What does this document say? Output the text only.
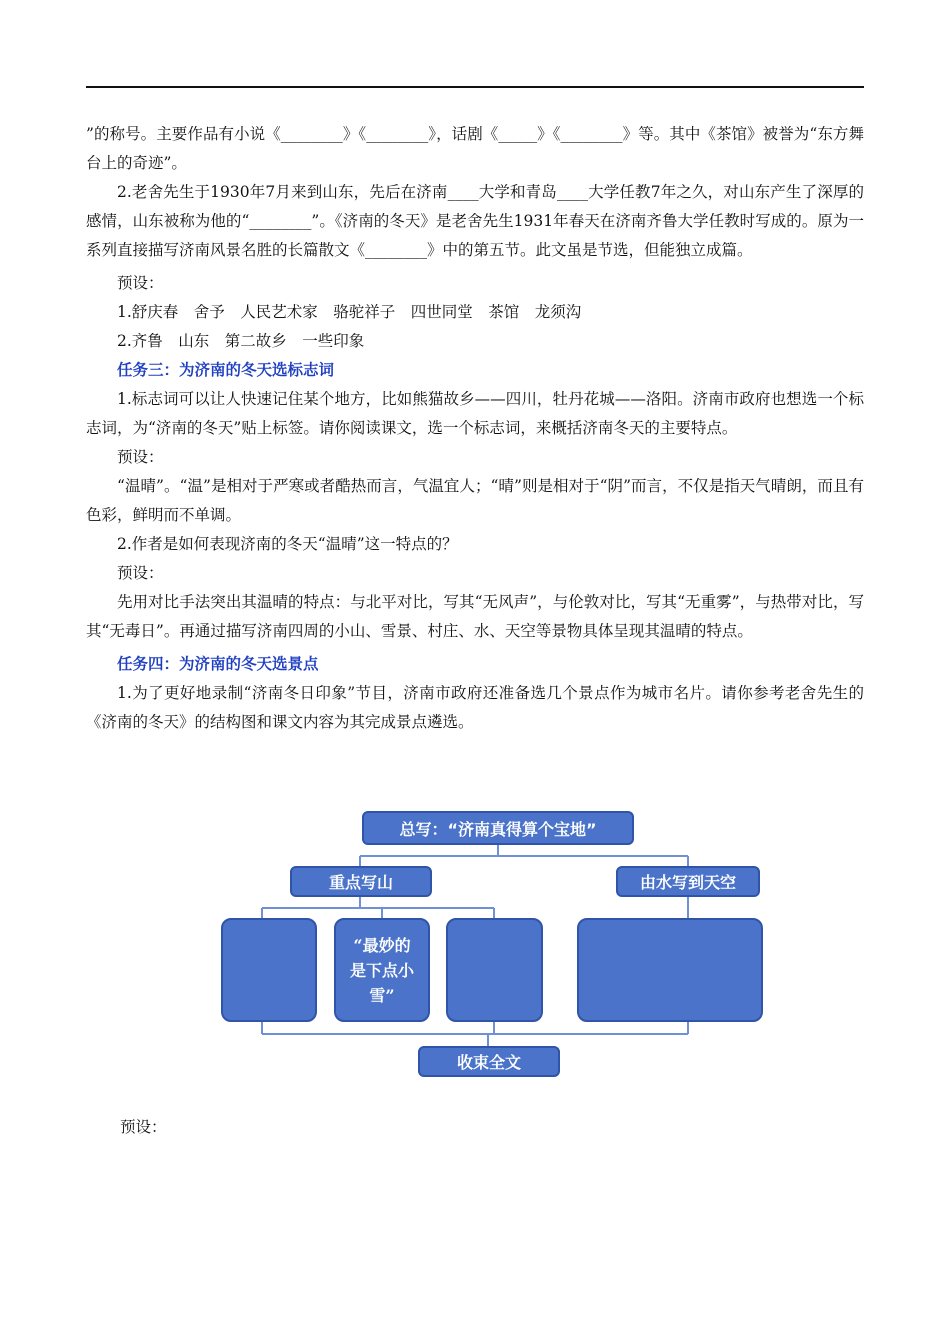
”的称号。主要作品有小说《________》《________》，话剧《_____》《________》等。其中《茶馆》被誉为“东方舞台上的奇迹”。

2.老舍先生于1930年7月来到山东，先后在济南____大学和青岛____大学任教7年之久，对山东产生了深厚的感情，山东被称为他的“________”。《济南的冬天》是老舍先生1931年春天在济南齐鲁大学任教时写成的。原为一系列直接描写济南风景名胜的长篇散文《________》中的第五节。此文虽是节选，但能独立成篇。

预设：

1.舒庆春　舍予　人民艺术家　骆驼祥子　四世同堂　茶馆　龙须沟

2.齐鲁　山东　第二故乡　一些印象

任务三：为济南的冬天选标志词

1.标志词可以让人快速记住某个地方，比如熊猫故乡——四川，牡丹花城——洛阳。济南市政府也想选一个标志词，为“济南的冬天”贴上标签。请你阅读课文，选一个标志词，来概括济南冬天的主要特点。

预设：

“温晴”。“温”是相对于严寒或者酷热而言，气温宜人；“晴”则是相对于“阴”而言，不仅是指天气晴朗，而且有色彩，鲜明而不单调。

2.作者是如何表现济南的冬天“温晴”这一特点的？

预设：

先用对比手法突出其温晴的特点：与北平对比，写其“无风声”，与伦敦对比，写其“无重雾”，与热带对比，写其“无毒日”。再通过描写济南四周的小山、雪景、村庄、水、天空等景物具体呈现其温晴的特点。

任务四：为济南的冬天选景点

1.为了更好地录制“济南冬日印象”节目，济南市政府还准备选几个景点作为城市名片。请你参考老舍先生的《济南的冬天》的结构图和课文内容为其完成景点遴选。

总写：“济南真得算个宝地”
重点写山	由水写到天空
“最妙的是下点小雪”
收束全文

预设：
